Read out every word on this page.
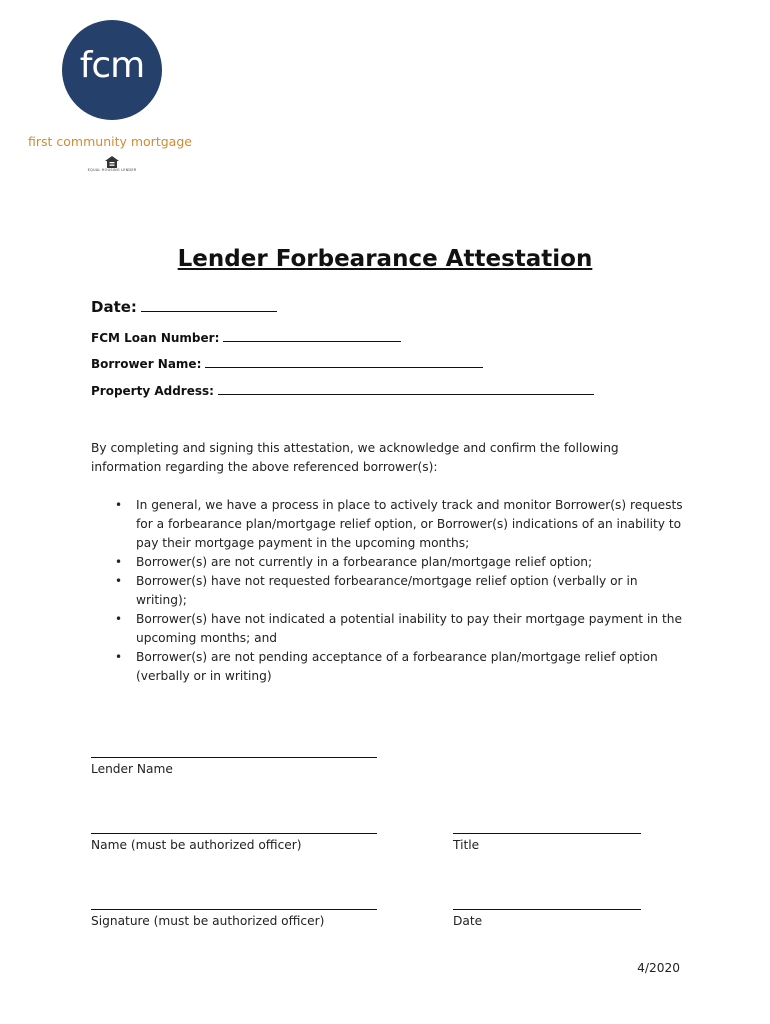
fcm
first community mortgage
EQUAL HOUSING LENDER
Lender Forbearance Attestation
Date:
FCM Loan Number:
Borrower Name:
Property Address:
By completing and signing this attestation, we acknowledge and confirm the following information regarding the above referenced borrower(s):
• In general, we have a process in place to actively track and monitor Borrower(s) requests for a forbearance plan/mortgage relief option, or Borrower(s) indications of an inability to pay their mortgage payment in the upcoming months;
• Borrower(s) are not currently in a forbearance plan/mortgage relief option;
• Borrower(s) have not requested forbearance/mortgage relief option (verbally or in writing);
• Borrower(s) have not indicated a potential inability to pay their mortgage payment in the upcoming months; and
• Borrower(s) are not pending acceptance of a forbearance plan/mortgage relief option (verbally or in writing)
Lender Name
Name (must be authorized officer)	Title
Signature (must be authorized officer)	Date
4/2020
